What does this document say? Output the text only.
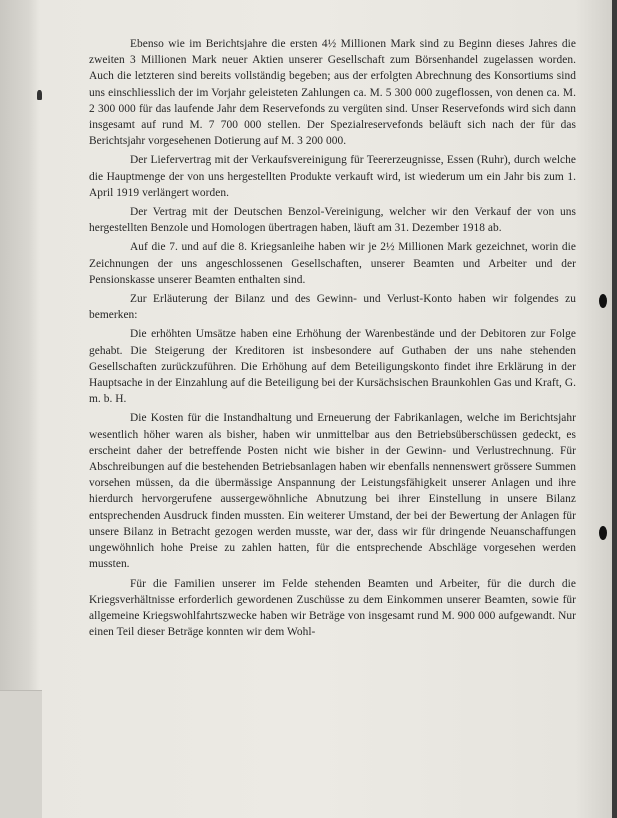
Ebenso wie im Berichtsjahre die ersten 4½ Millionen Mark sind zu Beginn dieses Jahres die zweiten 3 Millionen Mark neuer Aktien unserer Gesellschaft zum Börsenhandel zugelassen worden. Auch die letzteren sind bereits vollständig begeben; aus der erfolgten Abrechnung des Konsortiums sind uns einschliesslich der im Vorjahr geleisteten Zahlungen ca. M. 5 300 000 zugeflossen, von denen ca. M. 2 300 000 für das laufende Jahr dem Reservefonds zu vergüten sind. Unser Reservefonds wird sich dann insgesamt auf rund M. 7 700 000 stellen. Der Spezialreservefonds beläuft sich nach der für das Berichtsjahr vorgesehenen Dotierung auf M. 3 200 000.

Der Liefervertrag mit der Verkaufsvereinigung für Teererzeugnisse, Essen (Ruhr), durch welche die Hauptmenge der von uns hergestellten Produkte verkauft wird, ist wiederum um ein Jahr bis zum 1. April 1919 verlängert worden.

Der Vertrag mit der Deutschen Benzol-Vereinigung, welcher wir den Verkauf der von uns hergestellten Benzole und Homologen übertragen haben, läuft am 31. Dezember 1918 ab.

Auf die 7. und auf die 8. Kriegsanleihe haben wir je 2½ Millionen Mark gezeichnet, worin die Zeichnungen der uns angeschlossenen Gesellschaften, unserer Beamten und Arbeiter und der Pensionskasse unserer Beamten enthalten sind.

Zur Erläuterung der Bilanz und des Gewinn- und Verlust-Konto haben wir folgendes zu bemerken:

Die erhöhten Umsätze haben eine Erhöhung der Warenbestände und der Debitoren zur Folge gehabt. Die Steigerung der Kreditoren ist insbesondere auf Guthaben der uns nahe stehenden Gesellschaften zurückzuführen. Die Erhöhung auf dem Beteiligungskonto findet ihre Erklärung in der Hauptsache in der Einzahlung auf die Beteiligung bei der Kursächsischen Braunkohlen Gas und Kraft, G. m. b. H.

Die Kosten für die Instandhaltung und Erneuerung der Fabrikanlagen, welche im Berichtsjahr wesentlich höher waren als bisher, haben wir unmittelbar aus den Betriebsüberschüssen gedeckt, es erscheint daher der betreffende Posten nicht wie bisher in der Gewinn- und Verlustrechnung. Für Abschreibungen auf die bestehenden Betriebsanlagen haben wir ebenfalls nennenswert grössere Summen vorsehen müssen, da die übermässige Anspannung der Leistungsfähigkeit unserer Anlagen und ihre hierdurch hervorgerufene aussergewöhnliche Abnutzung bei ihrer Einstellung in unsere Bilanz entsprechenden Ausdruck finden mussten. Ein weiterer Umstand, der bei der Bewertung der Anlagen für unsere Bilanz in Betracht gezogen werden musste, war der, dass wir für dringende Neuanschaffungen ungewöhnlich hohe Preise zu zahlen hatten, für die entsprechende Abschläge vorgesehen werden mussten.

Für die Familien unserer im Felde stehenden Beamten und Arbeiter, für die durch die Kriegsverhältnisse erforderlich gewordenen Zuschüsse zu dem Einkommen unserer Beamten, sowie für allgemeine Kriegswohlfahrtszwecke haben wir Beträge von insgesamt rund M. 900 000 aufgewandt. Nur einen Teil dieser Beträge konnten wir dem Wohl-
